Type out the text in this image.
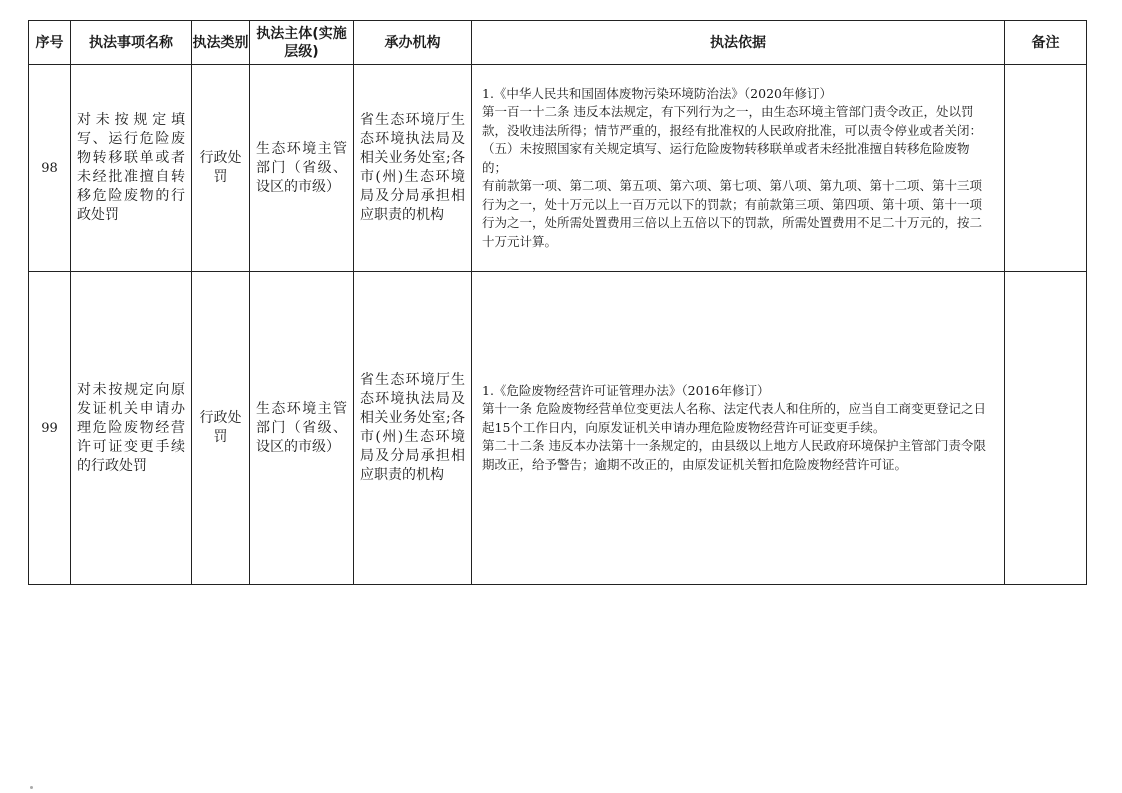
序号	执法事项名称	执法类别	执法主体(实施层级)	承办机构	执法依据	备注
98	对未按规定填写、运行危险废物转移联单或者未经批准擅自转移危险废物的行政处罚	行政处罚	生态环境主管部门（省级、设区的市级）	省生态环境厅生态环境执法局及相关业务处室;各市(州)生态环境局及分局承担相应职责的机构	1.《中华人民共和国固体废物污染环境防治法》（2020年修订）
第一百一十二条 违反本法规定，有下列行为之一，由生态环境主管部门责令改正，处以罚款，没收违法所得；情节严重的，报经有批准权的人民政府批准，可以责令停业或者关闭：
（五）未按照国家有关规定填写、运行危险废物转移联单或者未经批准擅自转移危险废物的；
有前款第一项、第二项、第五项、第六项、第七项、第八项、第九项、第十二项、第十三项行为之一，处十万元以上一百万元以下的罚款；有前款第三项、第四项、第十项、第十一项行为之一，处所需处置费用三倍以上五倍以下的罚款，所需处置费用不足二十万元的，按二十万元计算。	

99	对未按规定向原发证机关申请办理危险废物经营许可证变更手续的行政处罚	行政处罚	生态环境主管部门（省级、设区的市级）	省生态环境厅生态环境执法局及相关业务处室;各市(州)生态环境局及分局承担相应职责的机构	1.《危险废物经营许可证管理办法》（2016年修订）
第十一条 危险废物经营单位变更法人名称、法定代表人和住所的，应当自工商变更登记之日起15个工作日内，向原发证机关申请办理危险废物经营许可证变更手续。
第二十二条 违反本办法第十一条规定的，由县级以上地方人民政府环境保护主管部门责令限期改正，给予警告；逾期不改正的，由原发证机关暂扣危险废物经营许可证。	
